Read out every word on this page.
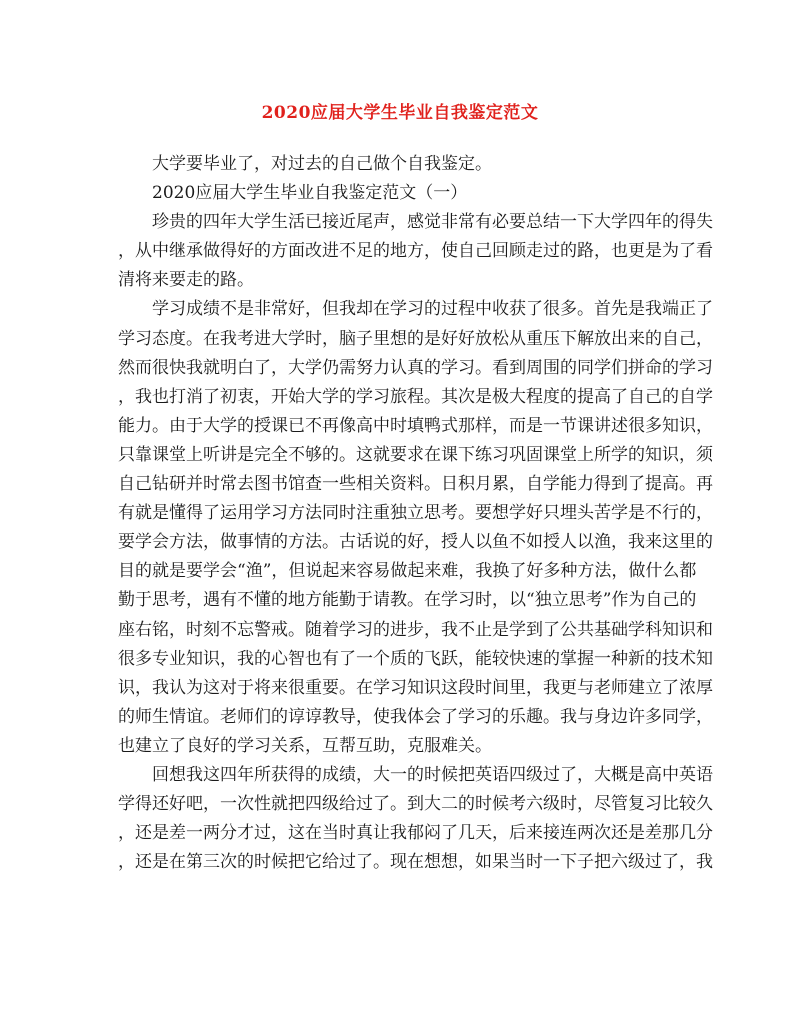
2020应届大学生毕业自我鉴定范文
大学要毕业了，对过去的自己做个自我鉴定。
2020应届大学生毕业自我鉴定范文（一）
珍贵的四年大学生活已接近尾声，感觉非常有必要总结一下大学四年的得失
，从中继承做得好的方面改进不足的地方，使自己回顾走过的路，也更是为了看
清将来要走的路。
学习成绩不是非常好，但我却在学习的过程中收获了很多。首先是我端正了
学习态度。在我考进大学时，脑子里想的是好好放松从重压下解放出来的自己，
然而很快我就明白了，大学仍需努力认真的学习。看到周围的同学们拼命的学习
，我也打消了初衷，开始大学的学习旅程。其次是极大程度的提高了自己的自学
能力。由于大学的授课已不再像高中时填鸭式那样，而是一节课讲述很多知识，
只靠课堂上听讲是完全不够的。这就要求在课下练习巩固课堂上所学的知识，须
自己钻研并时常去图书馆查一些相关资料。日积月累，自学能力得到了提高。再
有就是懂得了运用学习方法同时注重独立思考。要想学好只埋头苦学是不行的，
要学会方法，做事情的方法。古话说的好，授人以鱼不如授人以渔，我来这里的
目的就是要学会“渔”，但说起来容易做起来难，我换了好多种方法，做什么都
勤于思考，遇有不懂的地方能勤于请教。在学习时，以“独立思考”作为自己的
座右铭，时刻不忘警戒。随着学习的进步，我不止是学到了公共基础学科知识和
很多专业知识，我的心智也有了一个质的飞跃，能较快速的掌握一种新的技术知
识，我认为这对于将来很重要。在学习知识这段时间里，我更与老师建立了浓厚
的师生情谊。老师们的谆谆教导，使我体会了学习的乐趣。我与身边许多同学，
也建立了良好的学习关系，互帮互助，克服难关。
回想我这四年所获得的成绩，大一的时候把英语四级过了，大概是高中英语
学得还好吧，一次性就把四级给过了。到大二的时候考六级时，尽管复习比较久
，还是差一两分才过，这在当时真让我郁闷了几天，后来接连两次还是差那几分
，还是在第三次的时候把它给过了。现在想想，如果当时一下子把六级过了，我
